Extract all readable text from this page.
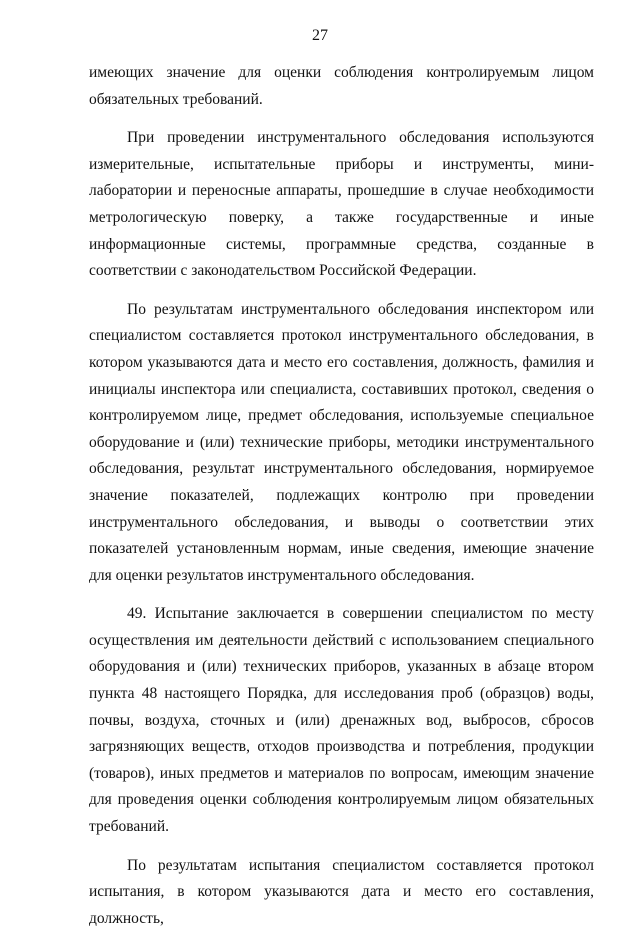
27

имеющих значение для оценки соблюдения контролируемым лицом обязательных требований.

При проведении инструментального обследования используются измерительные, испытательные приборы и инструменты, мини-лаборатории и переносные аппараты, прошедшие в случае необходимости метрологическую поверку, а также государственные и иные информационные системы, программные средства, созданные в соответствии с законодательством Российской Федерации.

По результатам инструментального обследования инспектором или специалистом составляется протокол инструментального обследования, в котором указываются дата и место его составления, должность, фамилия и инициалы инспектора или специалиста, составивших протокол, сведения о контролируемом лице, предмет обследования, используемые специальное оборудование и (или) технические приборы, методики инструментального обследования, результат инструментального обследования, нормируемое значение показателей, подлежащих контролю при проведении инструментального обследования, и выводы о соответствии этих показателей установленным нормам, иные сведения, имеющие значение для оценки результатов инструментального обследования.

49. Испытание заключается в совершении специалистом по месту осуществления им деятельности действий с использованием специального оборудования и (или) технических приборов, указанных в абзаце втором пункта 48 настоящего Порядка, для исследования проб (образцов) воды, почвы, воздуха, сточных и (или) дренажных вод, выбросов, сбросов загрязняющих веществ, отходов производства и потребления, продукции (товаров), иных предметов и материалов по вопросам, имеющим значение для проведения оценки соблюдения контролируемым лицом обязательных требований.

По результатам испытания специалистом составляется протокол испытания, в котором указываются дата и место его составления, должность,
